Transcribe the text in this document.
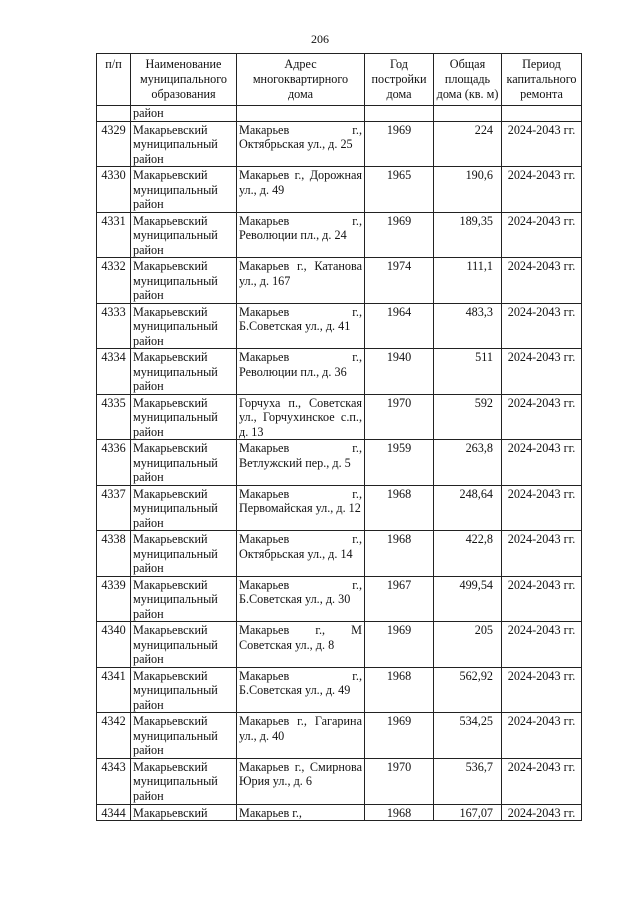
206
п/п	Наименование муниципального образования	Адрес многоквартирного дома	Год постройки дома	Общая площадь дома (кв. м)	Период капитального ремонта
	район				
4329	Макарьевский муниципальный район	Макарьев г., Октябрьская ул., д. 25	1969	224	2024-2043 гг.
4330	Макарьевский муниципальный район	Макарьев г., Дорожная ул., д. 49	1965	190,6	2024-2043 гг.
4331	Макарьевский муниципальный район	Макарьев г., Революции пл., д. 24	1969	189,35	2024-2043 гг.
4332	Макарьевский муниципальный район	Макарьев г., Катанова ул., д. 167	1974	111,1	2024-2043 гг.
4333	Макарьевский муниципальный район	Макарьев г., Б.Советская ул., д. 41	1964	483,3	2024-2043 гг.
4334	Макарьевский муниципальный район	Макарьев г., Революции пл., д. 36	1940	511	2024-2043 гг.
4335	Макарьевский муниципальный район	Горчуха п., Советская ул., Горчухинское с.п., д. 13	1970	592	2024-2043 гг.
4336	Макарьевский муниципальный район	Макарьев г., Ветлужский пер., д. 5	1959	263,8	2024-2043 гг.
4337	Макарьевский муниципальный район	Макарьев г., Первомайская ул., д. 12	1968	248,64	2024-2043 гг.
4338	Макарьевский муниципальный район	Макарьев г., Октябрьская ул., д. 14	1968	422,8	2024-2043 гг.
4339	Макарьевский муниципальный район	Макарьев г., Б.Советская ул., д. 30	1967	499,54	2024-2043 гг.
4340	Макарьевский муниципальный район	Макарьев г., М Советская ул., д. 8	1969	205	2024-2043 гг.
4341	Макарьевский муниципальный район	Макарьев г., Б.Советская ул., д. 49	1968	562,92	2024-2043 гг.
4342	Макарьевский муниципальный район	Макарьев г., Гагарина ул., д. 40	1969	534,25	2024-2043 гг.
4343	Макарьевский муниципальный район	Макарьев г., Смирнова Юрия ул., д. 6	1970	536,7	2024-2043 гг.
4344	Макарьевский	Макарьев г.,	1968	167,07	2024-2043 гг.
